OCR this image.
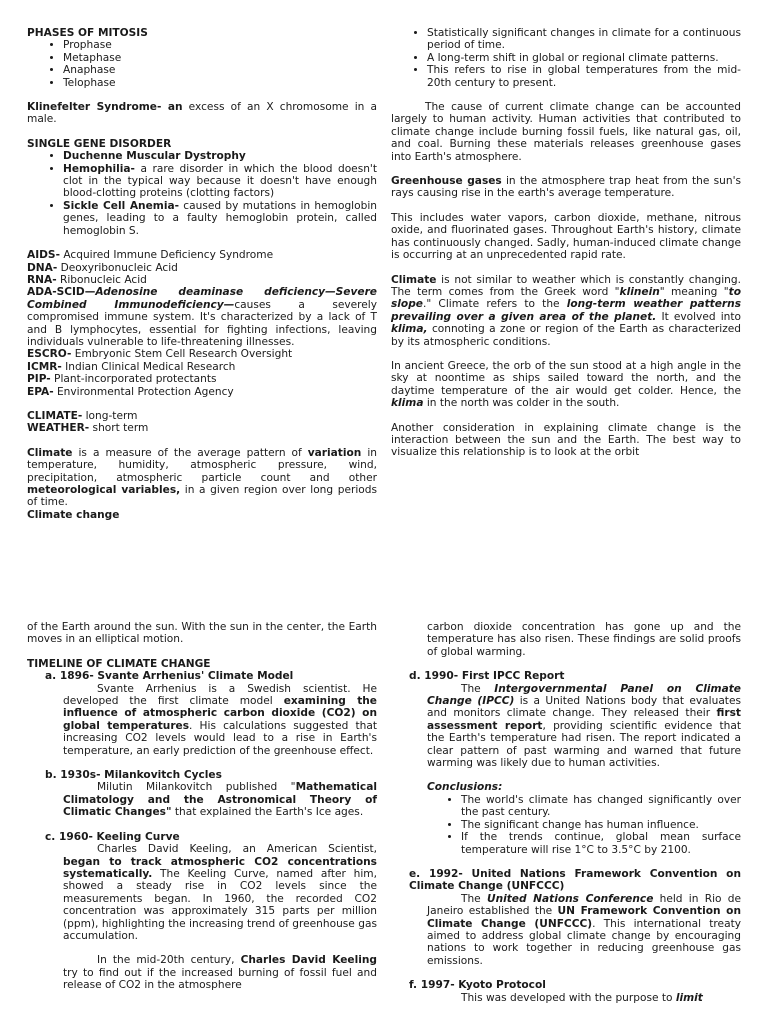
PHASES OF MITOSIS

• Prophase
• Metaphase
• Anaphase
• Telophase

Klinefelter Syndrome- an excess of an X chromosome in a male.

SINGLE GENE DISORDER

• Duchenne Muscular Dystrophy
• Hemophilia- a rare disorder in which the blood doesn't clot in the typical way because it doesn't have enough blood-clotting proteins (clotting factors)
• Sickle Cell Anemia- caused by mutations in hemoglobin genes, leading to a faulty hemoglobin protein, called hemoglobin S.

AIDS- Acquired Immune Deficiency Syndrome

DNA- Deoxyribonucleic Acid

RNA- Ribonucleic Acid

ADA-SCID—Adenosine deaminase deficiency—Severe Combined Immunodeficiency—causes a severely compromised immune system. It's characterized by a lack of T and B lymphocytes, essential for fighting infections, leaving individuals vulnerable to life-threatening illnesses.

ESCRO- Embryonic Stem Cell Research Oversight

ICMR- Indian Clinical Medical Research

PIP- Plant-incorporated protectants

EPA- Environmental Protection Agency

CLIMATE- long-term

WEATHER- short term

Climate is a measure of the average pattern of variation in temperature, humidity, atmospheric pressure, wind, precipitation, atmospheric particle count and other meteorological variables, in a given region over long periods of time.

Climate change

• Statistically significant changes in climate for a continuous period of time.
• A long-term shift in global or regional climate patterns.
• This refers to rise in global temperatures from the mid-20th century to present.

The cause of current climate change can be accounted largely to human activity. Human activities that contributed to climate change include burning fossil fuels, like natural gas, oil, and coal. Burning these materials releases greenhouse gases into Earth's atmosphere.

Greenhouse gases in the atmosphere trap heat from the sun's rays causing rise in the earth's average temperature.

This includes water vapors, carbon dioxide, methane, nitrous oxide, and fluorinated gases. Throughout Earth's history, climate has continuously changed. Sadly, human-induced climate change is occurring at an unprecedented rapid rate.

Climate is not similar to weather which is constantly changing. The term comes from the Greek word "klinein" meaning "to slope." Climate refers to the long-term weather patterns prevailing over a given area of the planet. It evolved into klima, connoting a zone or region of the Earth as characterized by its atmospheric conditions.

In ancient Greece, the orb of the sun stood at a high angle in the sky at noontime as ships sailed toward the north, and the daytime temperature of the air would get colder. Hence, the klima in the north was colder in the south.

Another consideration in explaining climate change is the interaction between the sun and the Earth. The best way to visualize this relationship is to look at the orbit

of the Earth around the sun. With the sun in the center, the Earth moves in an elliptical motion.

TIMELINE OF CLIMATE CHANGE

a. 1896- Svante Arrhenius' Climate Model
Svante Arrhenius is a Swedish scientist. He developed the first climate model examining the influence of atmospheric carbon dioxide (CO2) on global temperatures. His calculations suggested that increasing CO2 levels would lead to a rise in Earth's temperature, an early prediction of the greenhouse effect.
b. 1930s- Milankovitch Cycles
Milutin Milankovitch published "Mathematical Climatology and the Astronomical Theory of Climatic Changes" that explained the Earth's Ice ages.
c. 1960- Keeling Curve
Charles David Keeling, an American Scientist, began to track atmospheric CO2 concentrations systematically. The Keeling Curve, named after him, showed a steady rise in CO2 levels since the measurements began. In 1960, the recorded CO2 concentration was approximately 315 parts per million (ppm), highlighting the increasing trend of greenhouse gas accumulation.
In the mid-20th century, Charles David Keeling try to find out if the increased burning of fossil fuel and release of CO2 in the atmosphere

carbon dioxide concentration has gone up and the temperature has also risen. These findings are solid proofs of global warming.

d. 1990- First IPCC Report
The Intergovernmental Panel on Climate Change (IPCC) is a United Nations body that evaluates and monitors climate change. They released their first assessment report, providing scientific evidence that the Earth's temperature had risen. The report indicated a clear pattern of past warming and warned that future warming was likely due to human activities.
Conclusions:
• The world's climate has changed significantly over the past century.
• The significant change has human influence.
• If the trends continue, global mean surface temperature will rise 1°C to 3.5°C by 2100.
e. 1992- United Nations Framework Convention on Climate Change (UNFCCC)
The United Nations Conference held in Rio de Janeiro established the UN Framework Convention on Climate Change (UNFCCC). This international treaty aimed to address global climate change by encouraging nations to work together in reducing greenhouse gas emissions.
f. 1997- Kyoto Protocol
This was developed with the purpose to limit
